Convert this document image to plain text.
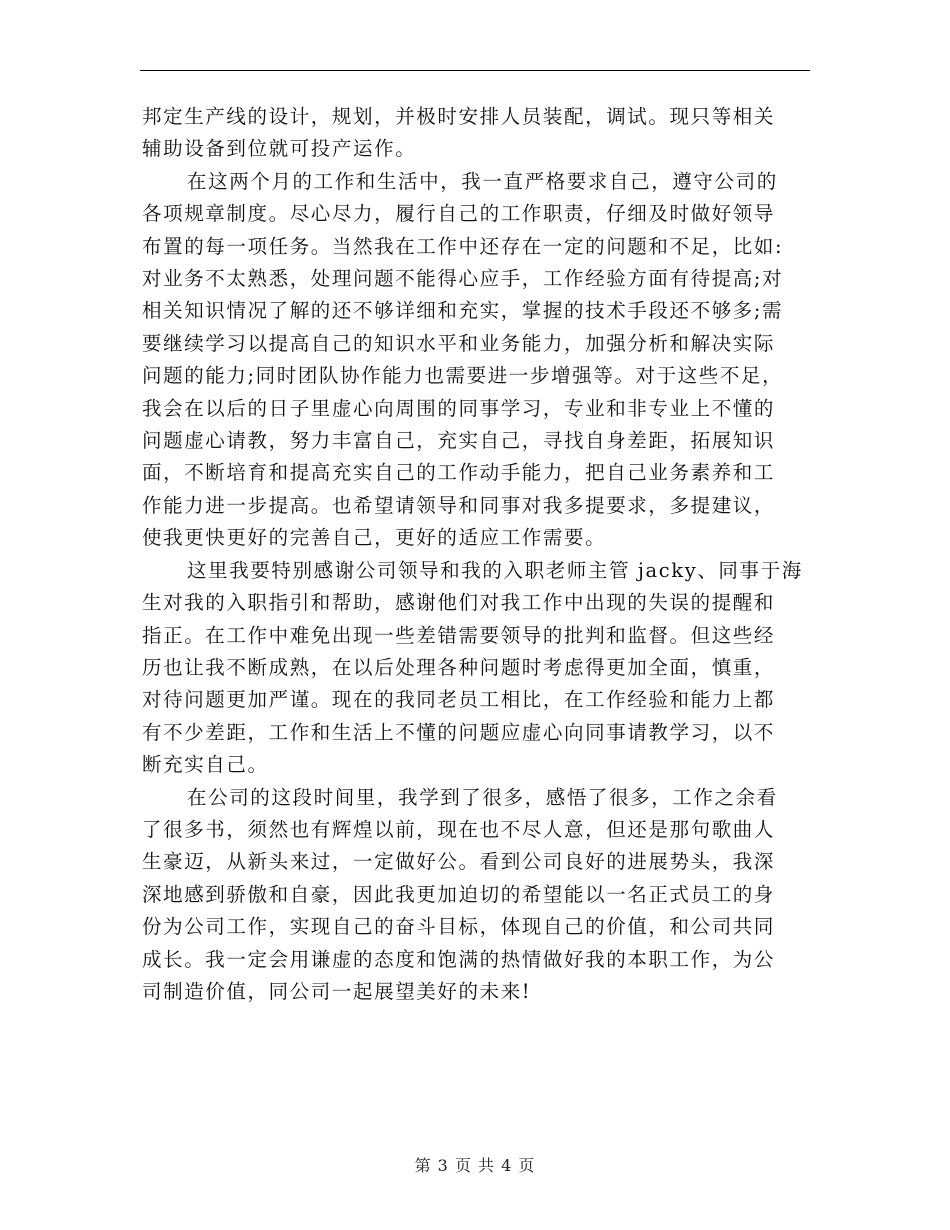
邦定生产线的设计，规划，并极时安排人员装配，调试。现只等相关
辅助设备到位就可投产运作。

在这两个月的工作和生活中，我一直严格要求自己，遵守公司的
各项规章制度。尽心尽力，履行自己的工作职责，仔细及时做好领导
布置的每一项任务。当然我在工作中还存在一定的问题和不足，比如:
对业务不太熟悉，处理问题不能得心应手，工作经验方面有待提高;对
相关知识情况了解的还不够详细和充实，掌握的技术手段还不够多;需
要继续学习以提高自己的知识水平和业务能力，加强分析和解决实际
问题的能力;同时团队协作能力也需要进一步增强等。对于这些不足，
我会在以后的日子里虚心向周围的同事学习，专业和非专业上不懂的
问题虚心请教，努力丰富自己，充实自己，寻找自身差距，拓展知识
面，不断培育和提高充实自己的工作动手能力，把自己业务素养和工
作能力进一步提高。也希望请领导和同事对我多提要求，多提建议，
使我更快更好的完善自己，更好的适应工作需要。

这里我要特别感谢公司领导和我的入职老师主管 jacky、同事于海
生对我的入职指引和帮助，感谢他们对我工作中出现的失误的提醒和
指正。在工作中难免出现一些差错需要领导的批判和监督。但这些经
历也让我不断成熟，在以后处理各种问题时考虑得更加全面，慎重，
对待问题更加严谨。现在的我同老员工相比，在工作经验和能力上都
有不少差距，工作和生活上不懂的问题应虚心向同事请教学习，以不
断充实自己。

在公司的这段时间里，我学到了很多，感悟了很多，工作之余看
了很多书，须然也有辉煌以前，现在也不尽人意，但还是那句歌曲人
生豪迈，从新头来过，一定做好公。看到公司良好的进展势头，我深
深地感到骄傲和自豪，因此我更加迫切的希望能以一名正式员工的身
份为公司工作，实现自己的奋斗目标，体现自己的价值，和公司共同
成长。我一定会用谦虚的态度和饱满的热情做好我的本职工作，为公
司制造价值，同公司一起展望美好的未来!

第 3 页 共 4 页
